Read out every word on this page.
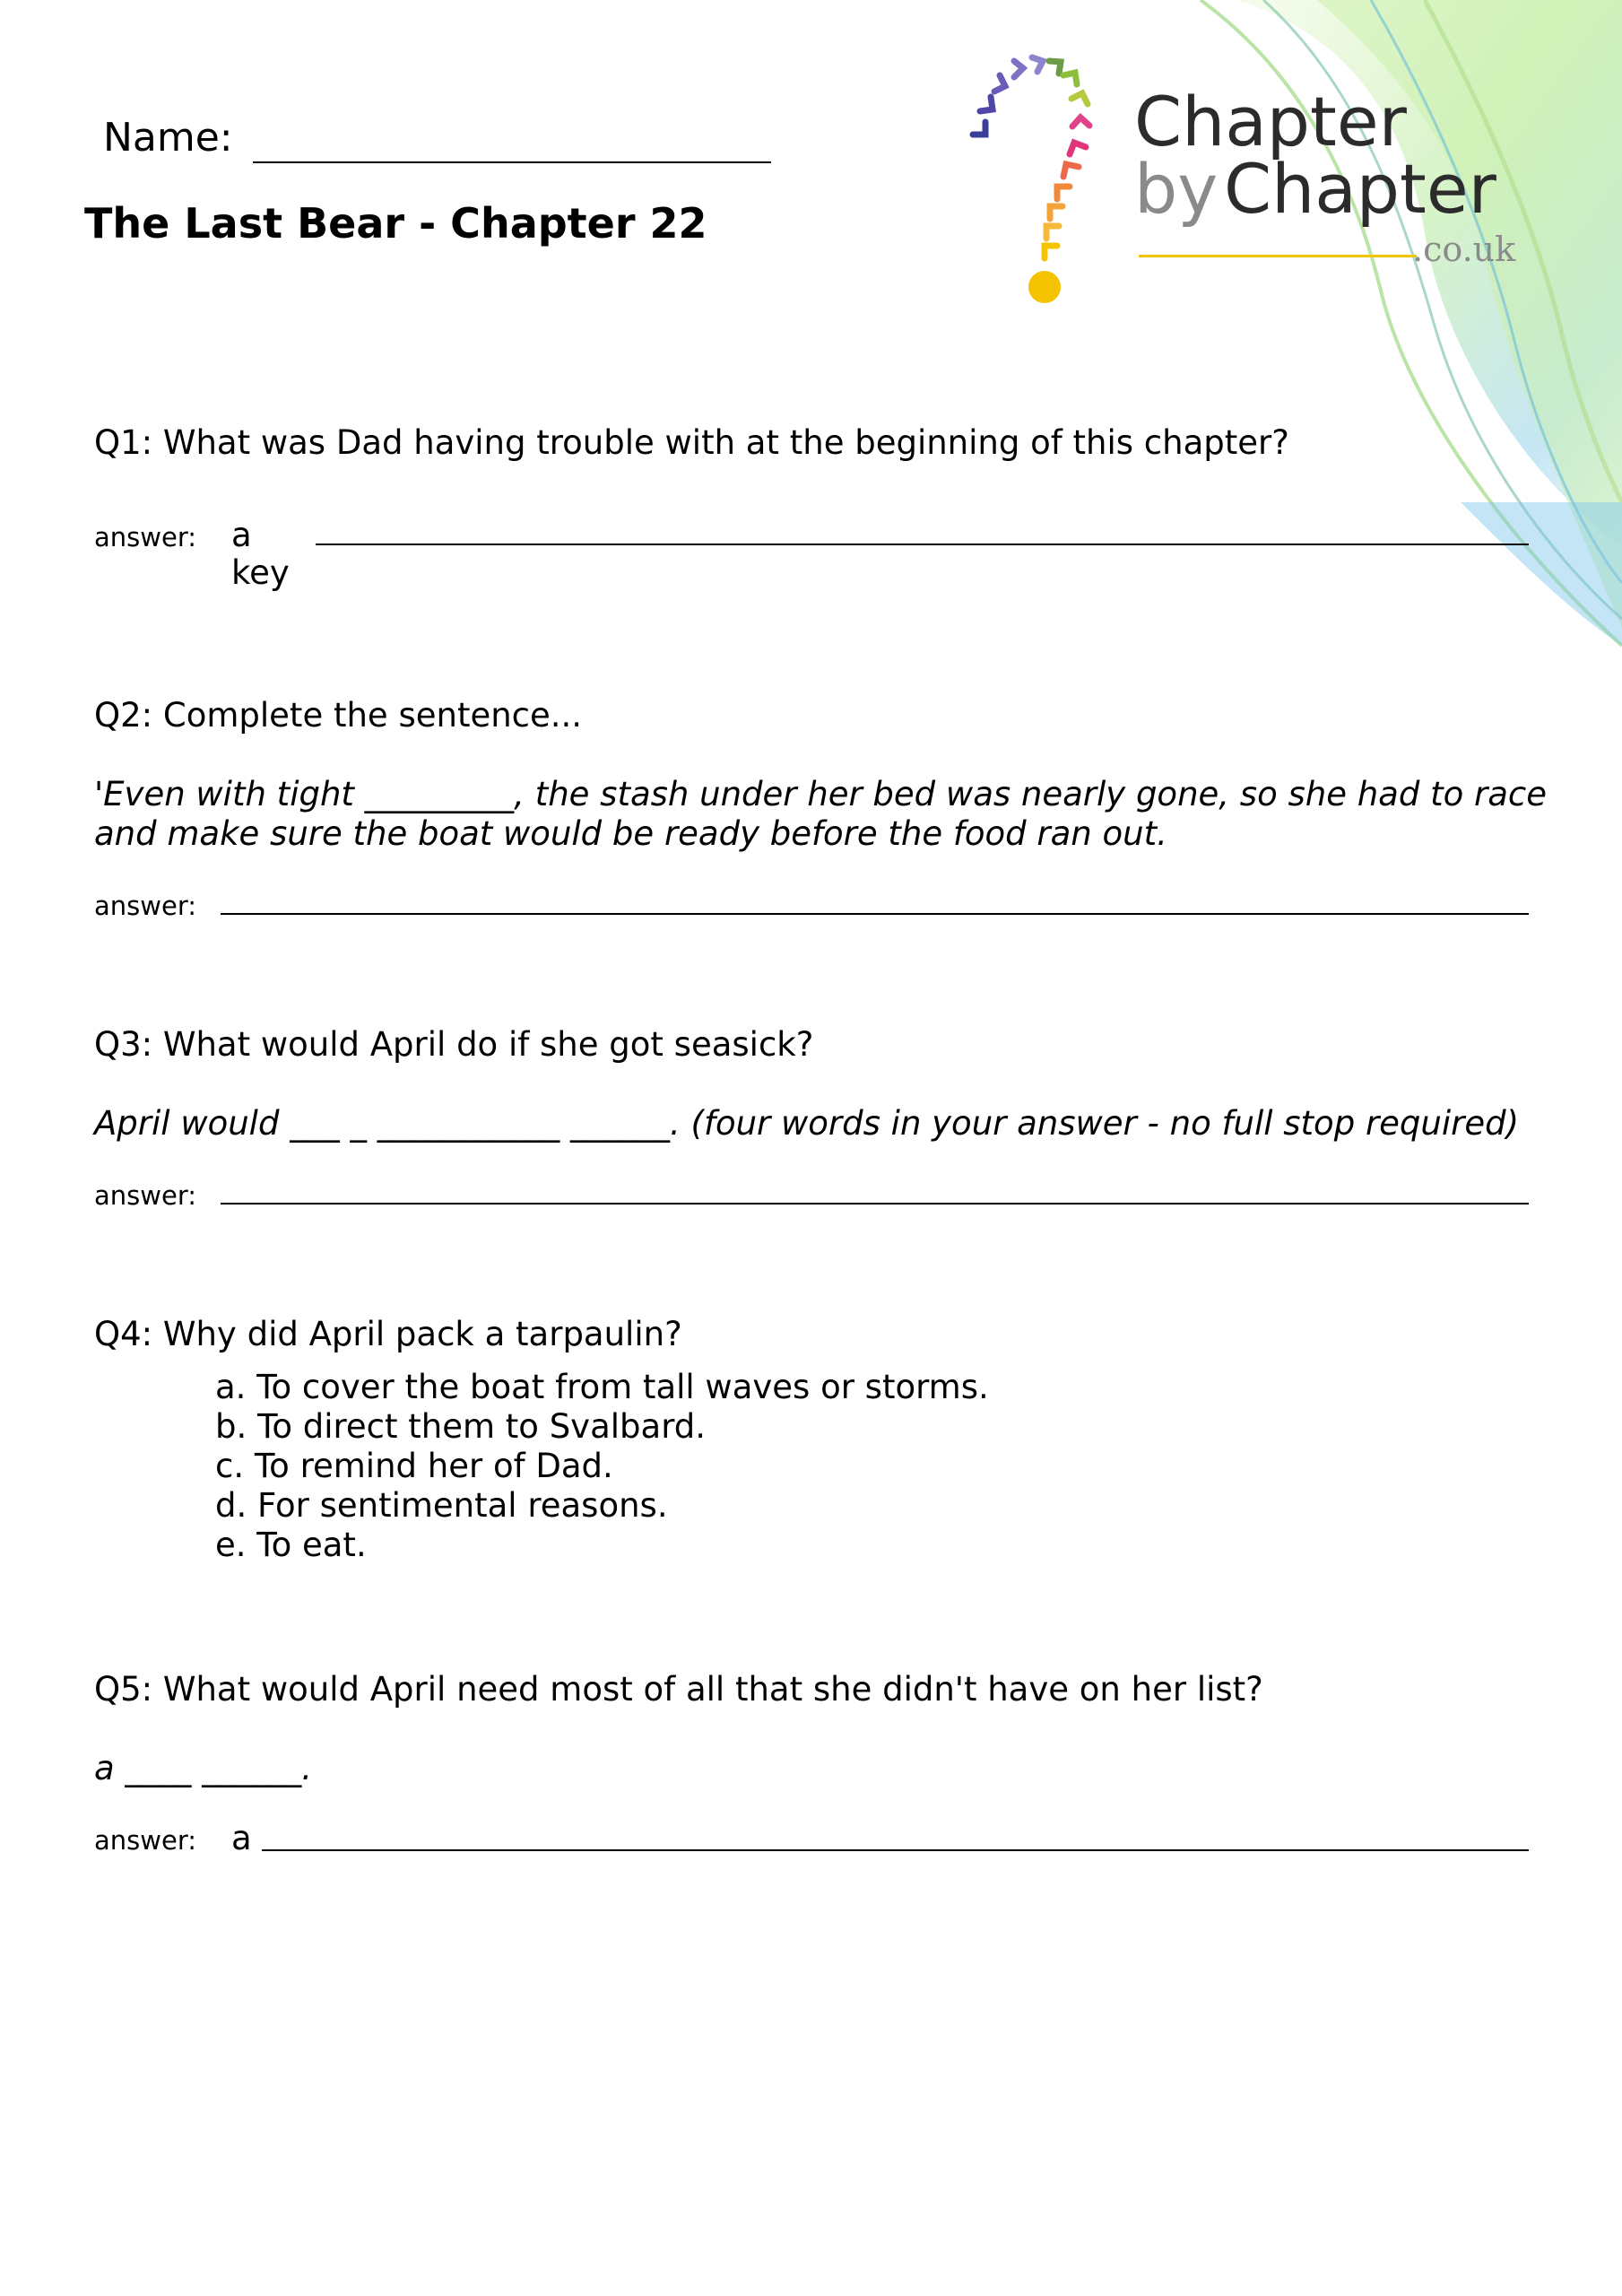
Chapter
by Chapter
.co.uk
Name:
The Last Bear - Chapter 22
Q1: What was Dad having trouble with at the beginning of this chapter?
answer: a
key
Q2: Complete the sentence...
'Even with tight _________, the stash under her bed was nearly gone, so she had to race
and make sure the boat would be ready before the food ran out.
answer:
Q3: What would April do if she got seasick?
April would ___ _ ___________ ______. (four words in your answer - no full stop required)
answer:
Q4: Why did April pack a tarpaulin?
a. To cover the boat from tall waves or storms.
b. To direct them to Svalbard.
c. To remind her of Dad.
d. For sentimental reasons.
e. To eat.
Q5: What would April need most of all that she didn't have on her list?
a ____ ______.
answer: a
